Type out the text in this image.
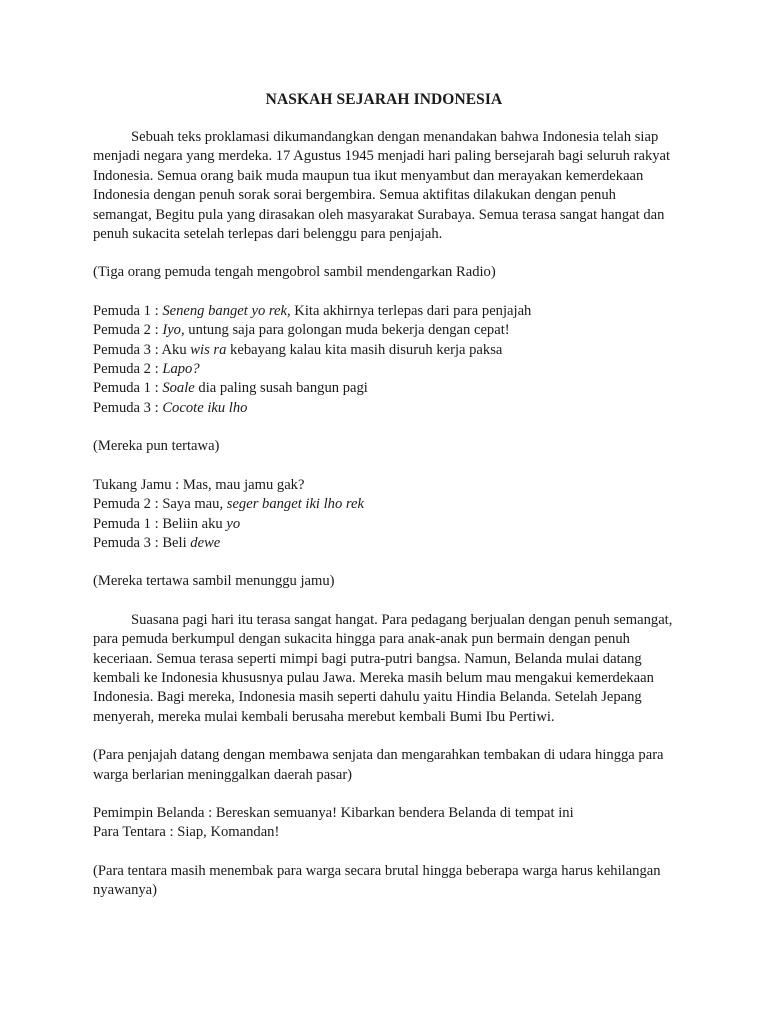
NASKAH SEJARAH INDONESIA

Sebuah teks proklamasi dikumandangkan dengan menandakan bahwa Indonesia telah siap menjadi negara yang merdeka. 17 Agustus 1945 menjadi hari paling bersejarah bagi seluruh rakyat Indonesia. Semua orang baik muda maupun tua ikut menyambut dan merayakan kemerdekaan Indonesia dengan penuh sorak sorai bergembira. Semua aktifitas dilakukan dengan penuh semangat, Begitu pula yang dirasakan oleh masyarakat Surabaya. Semua terasa sangat hangat dan penuh sukacita setelah terlepas dari belenggu para penjajah.

(Tiga orang pemuda tengah mengobrol sambil mendengarkan Radio)

Pemuda 1 : Seneng banget yo rek, Kita akhirnya terlepas dari para penjajah
Pemuda 2 : Iyo, untung saja para golongan muda bekerja dengan cepat!
Pemuda 3 : Aku wis ra kebayang kalau kita masih disuruh kerja paksa
Pemuda 2 : Lapo?
Pemuda 1 : Soale dia paling susah bangun pagi
Pemuda 3 : Cocote iku lho

(Mereka pun tertawa)

Tukang Jamu : Mas, mau jamu gak?
Pemuda 2 : Saya mau, seger banget iki lho rek
Pemuda 1 : Beliin aku yo
Pemuda 3 : Beli dewe

(Mereka tertawa sambil menunggu jamu)

Suasana pagi hari itu terasa sangat hangat. Para pedagang berjualan dengan penuh semangat, para pemuda berkumpul dengan sukacita hingga para anak-anak pun bermain dengan penuh keceriaan. Semua terasa seperti mimpi bagi putra-putri bangsa. Namun, Belanda mulai datang kembali ke Indonesia khususnya pulau Jawa. Mereka masih belum mau mengakui kemerdekaan Indonesia. Bagi mereka, Indonesia masih seperti dahulu yaitu Hindia Belanda. Setelah Jepang menyerah, mereka mulai kembali berusaha merebut kembali Bumi Ibu Pertiwi.

(Para penjajah datang dengan membawa senjata dan mengarahkan tembakan di udara hingga para warga berlarian meninggalkan daerah pasar)

Pemimpin Belanda : Bereskan semuanya! Kibarkan bendera Belanda di tempat ini
Para Tentara : Siap, Komandan!

(Para tentara masih menembak para warga secara brutal hingga beberapa warga harus kehilangan nyawanya)
